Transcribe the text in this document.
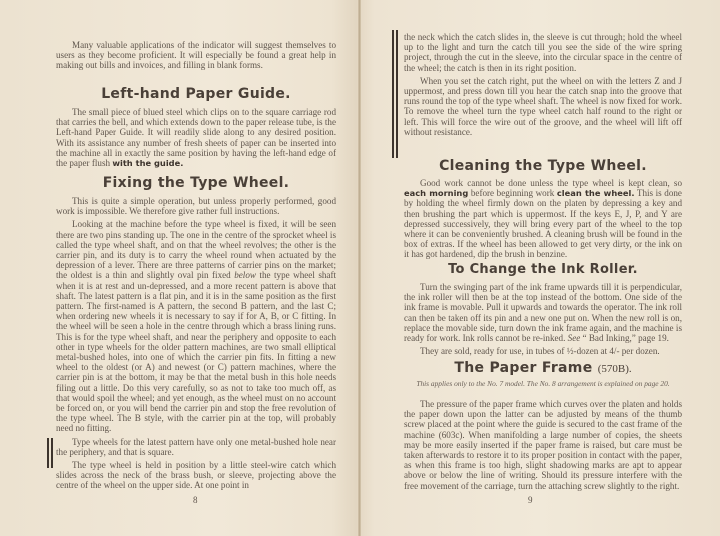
Many valuable applications of the indicator will suggest themselves to users as they become proficient. It will especially be found a great help in making out bills and invoices, and filling in blank forms.

Left-hand Paper Guide.

The small piece of blued steel which clips on to the square carriage rod that carries the bell, and which extends down to the paper release tube, is the Left-hand Paper Guide. It will readily slide along to any desired position. With its assistance any number of fresh sheets of paper can be inserted into the machine all in exactly the same position by having the left-hand edge of the paper flush with the guide.

Fixing the Type Wheel.

This is quite a simple operation, but unless properly performed, good work is impossible. We therefore give rather full instructions.

Looking at the machine before the type wheel is fixed, it will be seen there are two pins standing up. The one in the centre of the sprocket wheel is called the type wheel shaft, and on that the wheel revolves; the other is the carrier pin, and its duty is to carry the wheel round when actuated by the depression of a lever. There are three patterns of carrier pins on the market; the oldest is a thin and slightly oval pin fixed below the type wheel shaft when it is at rest and un-depressed, and a more recent pattern is above that shaft. The latest pattern is a flat pin, and it is in the same position as the first pattern. The first-named is A pattern, the second B pattern, and the last C; when ordering new wheels it is necessary to say if for A, B, or C fitting. In the wheel will be seen a hole in the centre through which a brass lining runs. This is for the type wheel shaft, and near the periphery and opposite to each other in type wheels for the older pattern machines, are two small elliptical metal-bushed holes, into one of which the carrier pin fits. In fitting a new wheel to the oldest (or A) and newest (or C) pattern machines, where the carrier pin is at the bottom, it may be that the metal bush in this hole needs filing out a little. Do this very carefully, so as not to take too much off, as that would spoil the wheel; and yet enough, as the wheel must on no account be forced on, or you will bend the carrier pin and stop the free revolution of the type wheel. The B style, with the carrier pin at the top, will probably need no fitting.

Type wheels for the latest pattern have only one metal-bushed hole near the periphery, and that is square.

The type wheel is held in position by a little steel-wire catch which slides across the neck of the brass bush, or sleeve, projecting above the centre of the wheel on the upper side. At one point in

8

the neck which the catch slides in, the sleeve is cut through; hold the wheel up to the light and turn the catch till you see the side of the wire spring project, through the cut in the sleeve, into the circular space in the centre of the wheel; the catch is then in its right position.

When you set the catch right, put the wheel on with the letters Z and J uppermost, and press down till you hear the catch snap into the groove that runs round the top of the type wheel shaft. The wheel is now fixed for work. To remove the wheel turn the type wheel catch half round to the right or left. This will force the wire out of the groove, and the wheel will lift off without resistance.

Cleaning the Type Wheel.

Good work cannot be done unless the type wheel is kept clean, so each morning before beginning work clean the wheel. This is done by holding the wheel firmly down on the platen by depressing a key and then brushing the part which is uppermost. If the keys E, J, P, and Y are depressed successively, they will bring every part of the wheel to the top where it can be conveniently brushed. A cleaning brush will be found in the box of extras. If the wheel has been allowed to get very dirty, or the ink on it has got hardened, dip the brush in benzine.

To Change the Ink Roller.

Turn the swinging part of the ink frame upwards till it is perpendicular, the ink roller will then be at the top instead of the bottom. One side of the ink frame is movable. Pull it upwards and towards the operator. The ink roll can then be taken off its pin and a new one put on. When the new roll is on, replace the movable side, turn down the ink frame again, and the machine is ready for work. Ink rolls cannot be re-inked. See “ Bad Inking,” page 19.

They are sold, ready for use, in tubes of ½-dozen at 4/- per dozen.

The Paper Frame (570B).
This applies only to the No. 7 model. The No. 8 arrangement is explained on page 20.

The pressure of the paper frame which curves over the platen and holds the paper down upon the latter can be adjusted by means of the thumb screw placed at the point where the guide is secured to the cast frame of the machine (603c). When manifolding a large number of copies, the sheets may be more easily inserted if the paper frame is raised, but care must be taken afterwards to restore it to its proper position in contact with the paper, as when this frame is too high, slight shadowing marks are apt to appear above or below the line of writing. Should its pressure interfere with the free movement of the carriage, turn the attaching screw slightly to the right.

9
